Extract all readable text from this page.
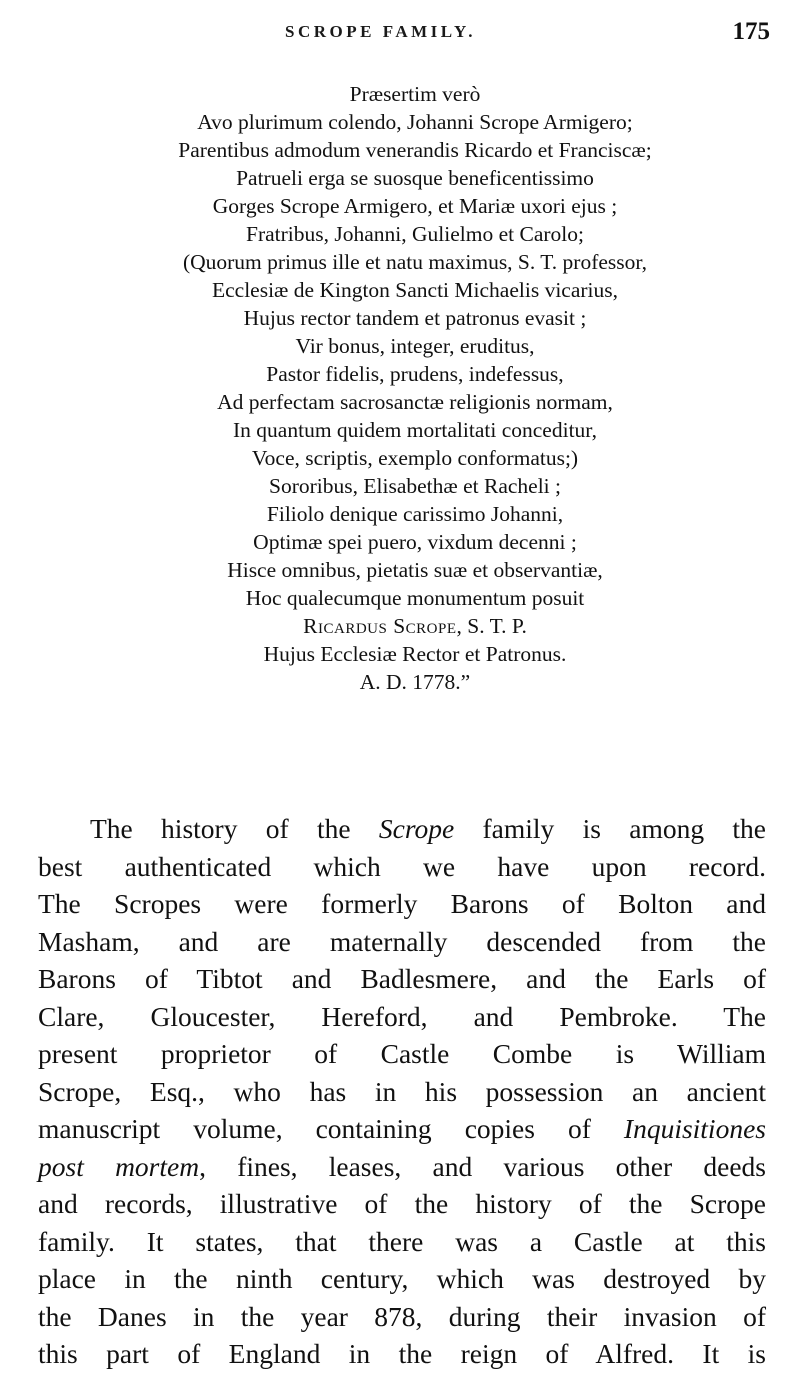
SCROPE FAMILY.	175
Præsertim verò
Avo plurimum colendo, Johanni Scrope Armigero;
Parentibus admodum venerandis Ricardo et Franciscæ;
Patrueli erga se suosque beneficentissimo
Gorges Scrope Armigero, et Mariæ uxori ejus ;
Fratribus, Johanni, Gulielmo et Carolo;
(Quorum primus ille et natu maximus, S. T. professor,
Ecclesiæ de Kington Sancti Michaelis vicarius,
Hujus rector tandem et patronus evasit ;
Vir bonus, integer, eruditus,
Pastor fidelis, prudens, indefessus,
Ad perfectam sacrosanctæ religionis normam,
In quantum quidem mortalitati conceditur,
Voce, scriptis, exemplo conformatus;)
Sororibus, Elisabethæ et Racheli ;
Filiolo denique carissimo Johanni,
Optimæ spei puero, vixdum decenni ;
Hisce omnibus, pietatis suæ et observantiæ,
Hoc qualecumque monumentum posuit
Ricardus Scrope, S. T. P.
Hujus Ecclesiæ Rector et Patronus.
A. D. 1778.”
The history of the Scrope family is among the
best authenticated which we have upon record.
The Scropes were formerly Barons of Bolton and
Masham, and are maternally descended from the
Barons of Tibtot and Badlesmere, and the Earls of
Clare, Gloucester, Hereford, and Pembroke. The
present proprietor of Castle Combe is William
Scrope, Esq., who has in his possession an ancient
manuscript volume, containing copies of Inquisitiones
post mortem, fines, leases, and various other deeds
and records, illustrative of the history of the Scrope
family. It states, that there was a Castle at this
place in the ninth century, which was destroyed by
the Danes in the year 878, during their invasion of
this part of England in the reign of Alfred. It is
